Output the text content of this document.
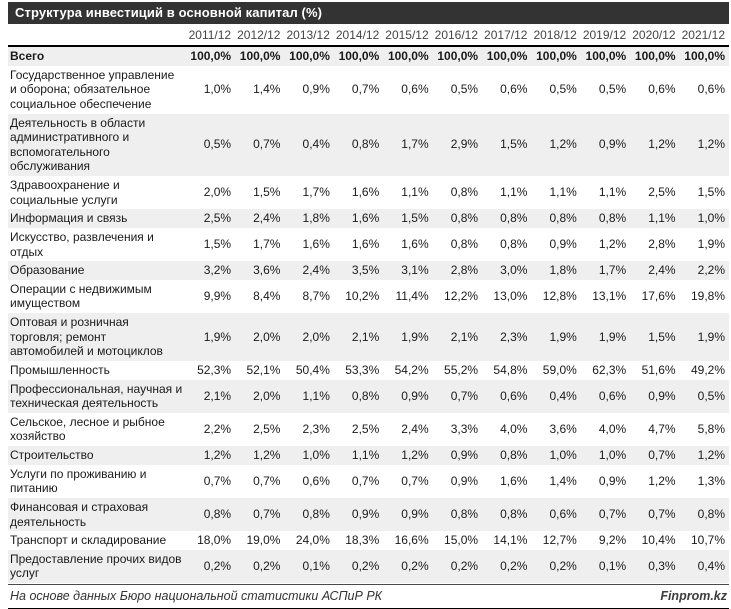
Структура инвестиций в основной капитал (%)
	2011/12	2012/12	2013/12	2014/12	2015/12	2016/12	2017/12	2018/12	2019/12	2020/12	2021/12
Всего	100,0%	100,0%	100,0%	100,0%	100,0%	100,0%	100,0%	100,0%	100,0%	100,0%	100,0%
Государственное управление и оборона; обязательное социальное обеспечение	1,0%	1,4%	0,9%	0,7%	0,6%	0,5%	0,6%	0,5%	0,5%	0,6%	0,6%
Деятельность в области административного и вспомогательного обслуживания	0,5%	0,7%	0,4%	0,8%	1,7%	2,9%	1,5%	1,2%	0,9%	1,2%	1,2%
Здравоохранение и социальные услуги	2,0%	1,5%	1,7%	1,6%	1,1%	0,8%	1,1%	1,1%	1,1%	2,5%	1,5%
Информация и связь	2,5%	2,4%	1,8%	1,6%	1,5%	0,8%	0,8%	0,8%	0,8%	1,1%	1,0%
Искусство, развлечения и отдых	1,5%	1,7%	1,6%	1,6%	1,6%	0,8%	0,8%	0,9%	1,2%	2,8%	1,9%
Образование	3,2%	3,6%	2,4%	3,5%	3,1%	2,8%	3,0%	1,8%	1,7%	2,4%	2,2%
Операции с недвижимым имуществом	9,9%	8,4%	8,7%	10,2%	11,4%	12,2%	13,0%	12,8%	13,1%	17,6%	19,8%
Оптовая и розничная торговля; ремонт автомобилей и мотоциклов	1,9%	2,0%	2,0%	2,1%	1,9%	2,1%	2,3%	1,9%	1,9%	1,5%	1,9%
Промышленность	52,3%	52,1%	50,4%	53,3%	54,2%	55,2%	54,8%	59,0%	62,3%	51,6%	49,2%
Профессиональная, научная и техническая деятельность	2,1%	2,0%	1,1%	0,8%	0,9%	0,7%	0,6%	0,4%	0,6%	0,9%	0,5%
Сельское, лесное и рыбное хозяйство	2,2%	2,5%	2,3%	2,5%	2,4%	3,3%	4,0%	3,6%	4,0%	4,7%	5,8%
Строительство	1,2%	1,2%	1,0%	1,1%	1,2%	0,9%	0,8%	1,0%	1,0%	0,7%	1,2%
Услуги по проживанию и питанию	0,7%	0,7%	0,6%	0,7%	0,7%	0,9%	1,6%	1,4%	0,9%	1,2%	1,3%
Финансовая и страховая деятельность	0,8%	0,7%	0,8%	0,9%	0,9%	0,8%	0,8%	0,6%	0,7%	0,7%	0,8%
Транспорт и складирование	18,0%	19,0%	24,0%	18,3%	16,6%	15,0%	14,1%	12,7%	9,2%	10,4%	10,7%
Предоставление прочих видов услуг	0,2%	0,2%	0,1%	0,2%	0,2%	0,2%	0,2%	0,2%	0,1%	0,3%	0,4%
На основе данных Бюро национальной статистики АСПиР РК	Finprom.kz
